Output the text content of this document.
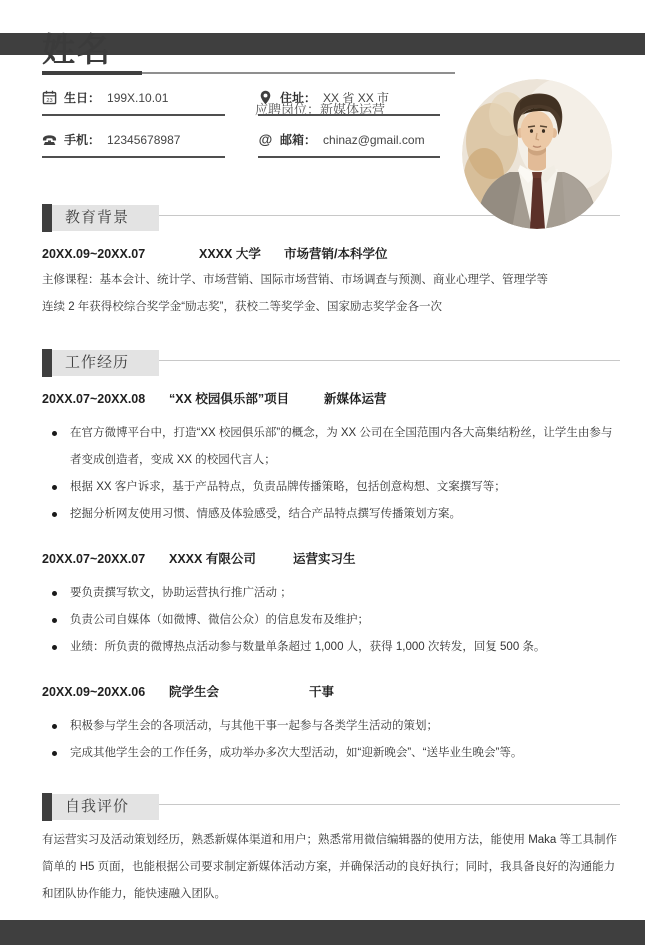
姓名
应聘岗位：新媒体运营
23 生日： 199X.10.01	住址： XX 省 XX 市
手机： 12345678987	@ 邮箱： chinaz@gmail.com
教育背景
20XX.09~20XX.07	XXXX 大学	市场营销/本科学位
主修课程：基本会计、统计学、市场营销、国际市场营销、市场调查与预测、商业心理学、管理学等
连续 2 年获得校综合奖学金“励志奖”，获校二等奖学金、国家励志奖学金各一次
工作经历
20XX.07~20XX.08	“XX 校园俱乐部”项目	新媒体运营
在官方微博平台中，打造“XX 校园俱乐部”的概念，为 XX 公司在全国范围内各大高集结粉丝，让学生由参与者变成创造者，变成 XX 的校园代言人；
根据 XX 客户诉求，基于产品特点，负责品牌传播策略，包括创意构想、文案撰写等；
挖掘分析网友使用习惯、情感及体验感受，结合产品特点撰写传播策划方案。
20XX.07~20XX.07	XXXX 有限公司	运营实习生
要负责撰写软文，协助运营执行推广活动 ；
负责公司自媒体（如微博、微信公众）的信息发布及维护；
业绩：所负责的微博热点活动参与数量单条超过 1,000 人，获得 1,000 次转发，回复 500 条。
20XX.09~20XX.06	院学生会	干事
积极参与学生会的各项活动，与其他干事一起参与各类学生活动的策划；
完成其他学生会的工作任务，成功举办多次大型活动，如“迎新晚会”、“送毕业生晚会”等。
自我评价

有运营实习及活动策划经历，熟悉新媒体渠道和用户；熟悉常用微信编辑器的使用方法，能使用 Maka 等工具制作简单的 H5 页面，也能根据公司要求制定新媒体活动方案，并确保活动的良好执行；同时，我具备良好的沟通能力和团队协作能力，能快速融入团队。
